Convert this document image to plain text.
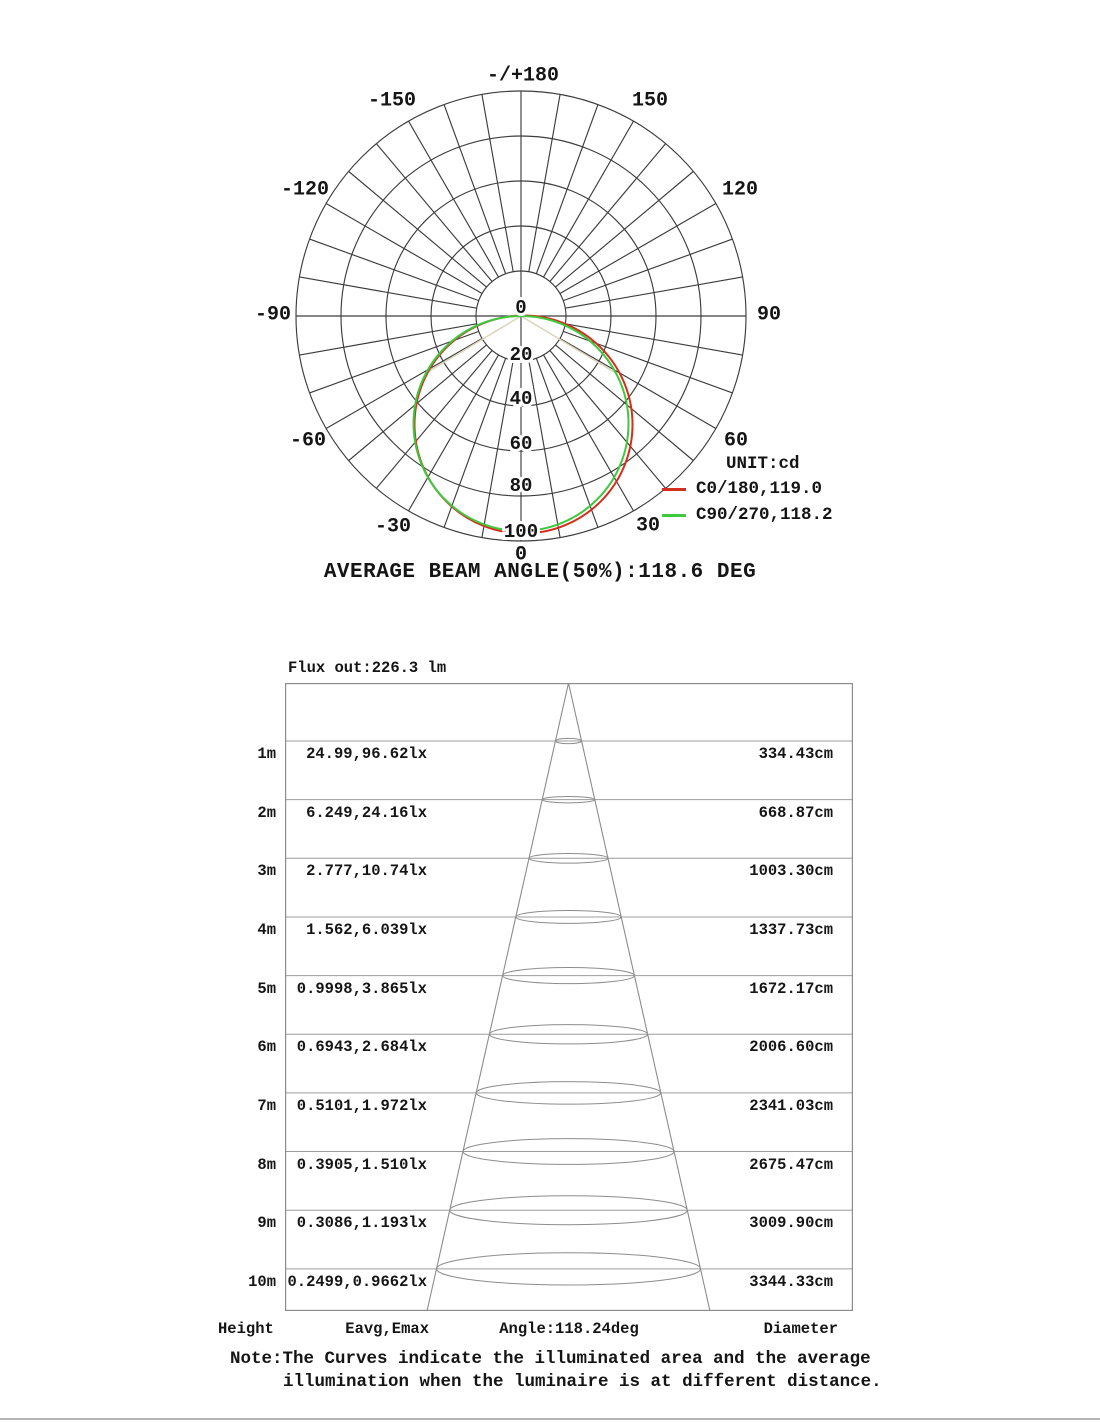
-/+180
-150	150
-120	120
-90	90
-60	60
-30	30
0
0
20
40
60
80
100
UNIT:cd
C0/180,119.0
C90/270,118.2
AVERAGE BEAM ANGLE(50%):118.6 DEG
Flux out:226.3 lm
1m 24.99,96.62lx	334.43cm
2m 6.249,24.16lx	668.87cm
3m 2.777,10.74lx	1003.30cm
4m 1.562,6.039lx	1337.73cm
5m 0.9998,3.865lx	1672.17cm
6m 0.6943,2.684lx	2006.60cm
7m 0.5101,1.972lx	2341.03cm
8m 0.3905,1.510lx	2675.47cm
9m 0.3086,1.193lx	3009.90cm
10m 0.2499,0.9662lx	3344.33cm
Height	Eavg,Emax	Angle:118.24deg	Diameter
Note:The Curves indicate the illuminated area and the average
illumination when the luminaire is at different distance.
